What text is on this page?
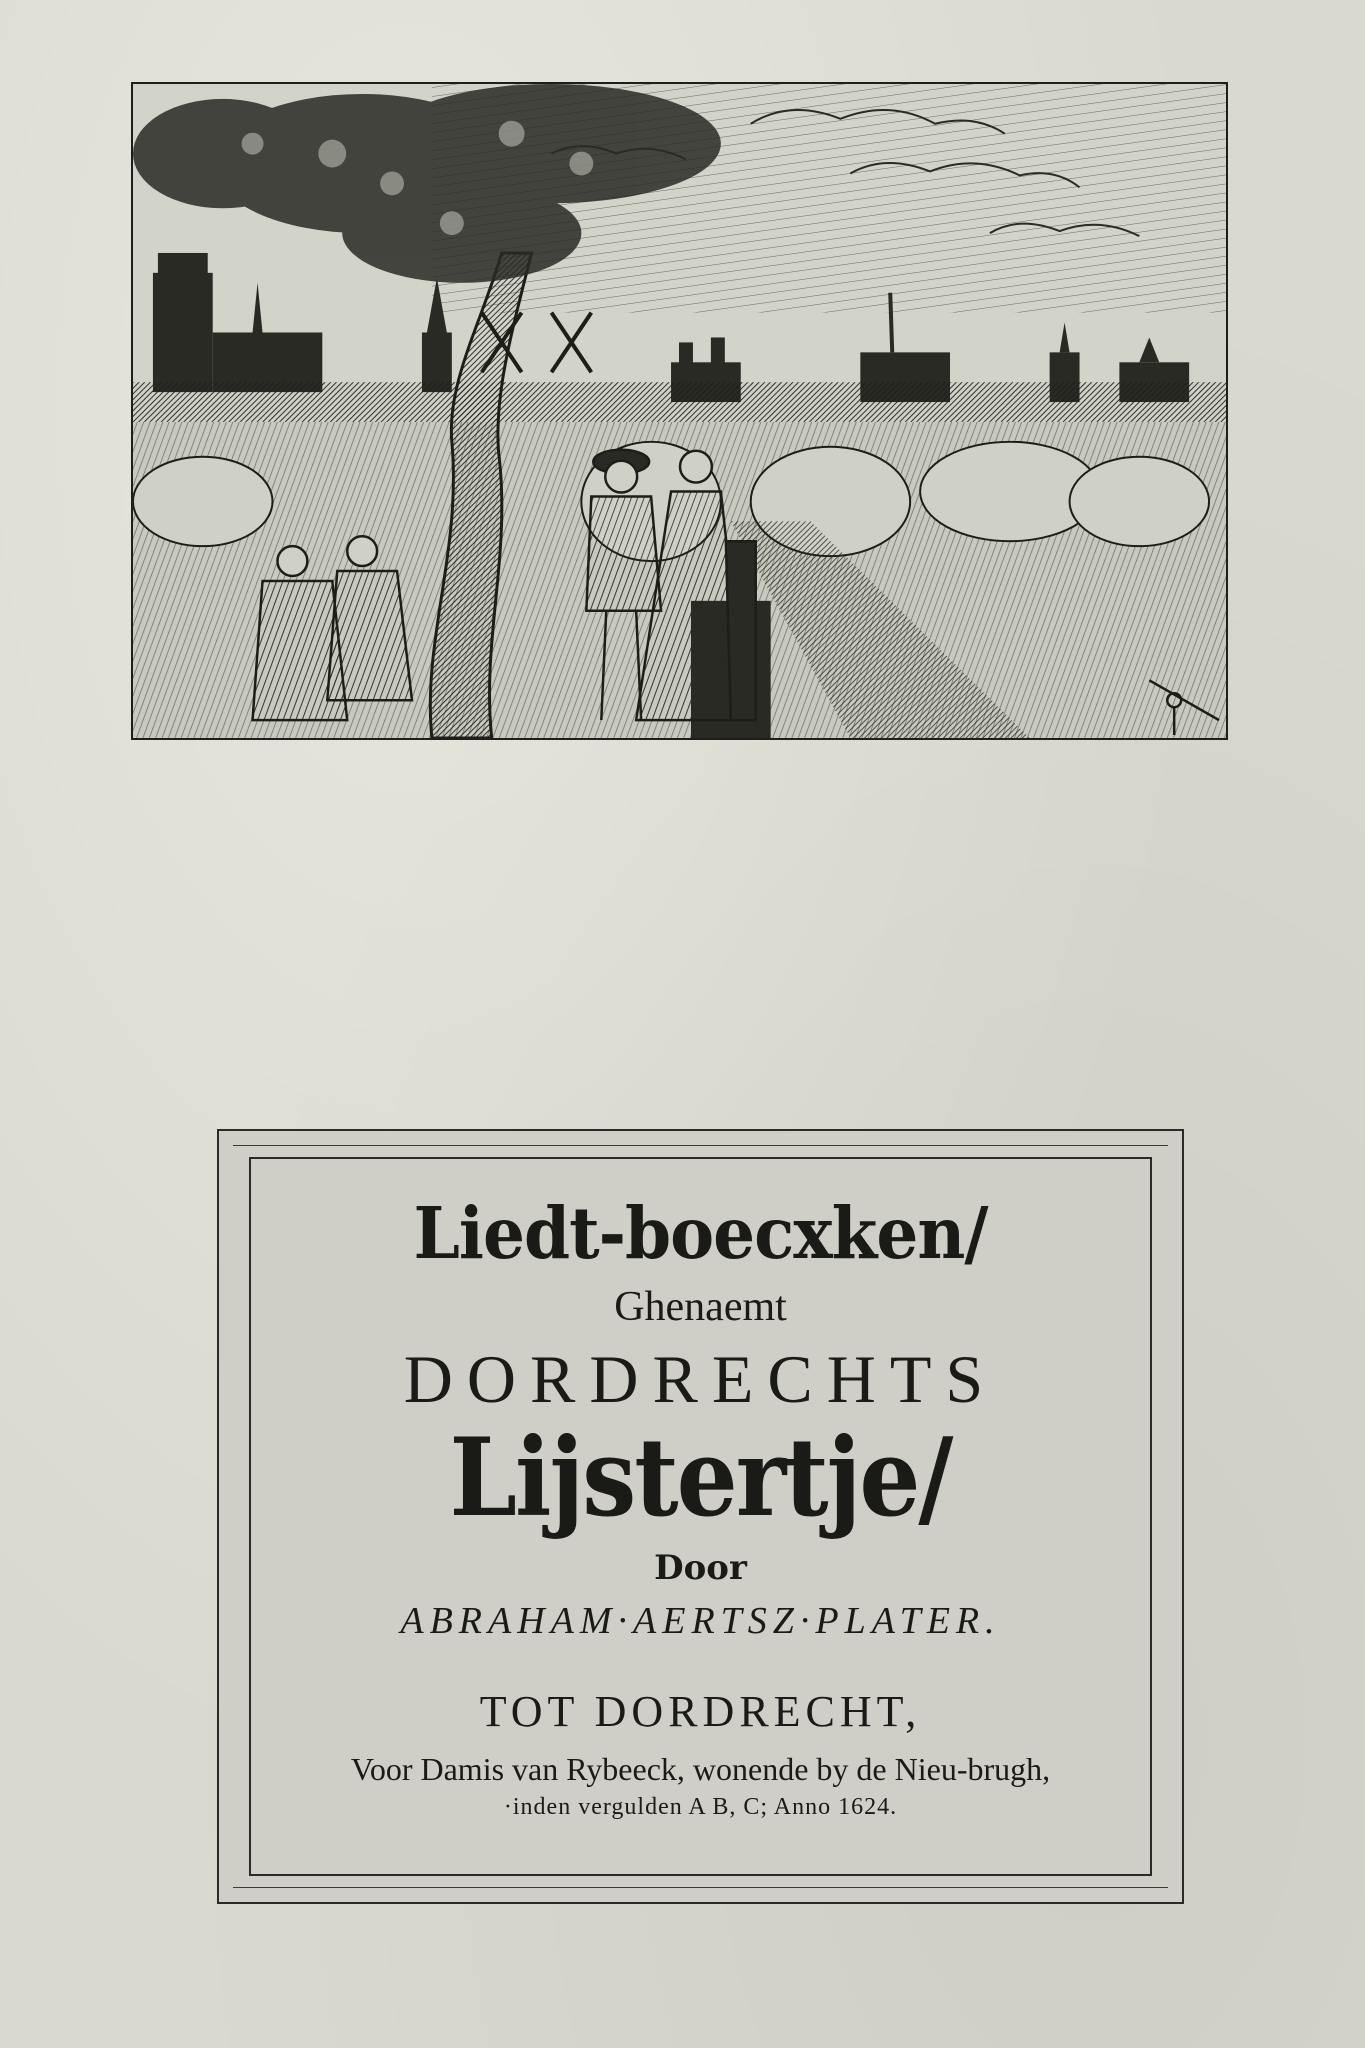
Liedt-boecxken/
Ghenaemt
DORDRECHTS
Lijstertje/
Door
ABRAHAM·AERTSZ·PLATER.
TOT DORDRECHT,
Voor Damis van Rybeeck, wonende by de Nieu-brugh,
·inden vergulden A B, C; Anno 1624.
